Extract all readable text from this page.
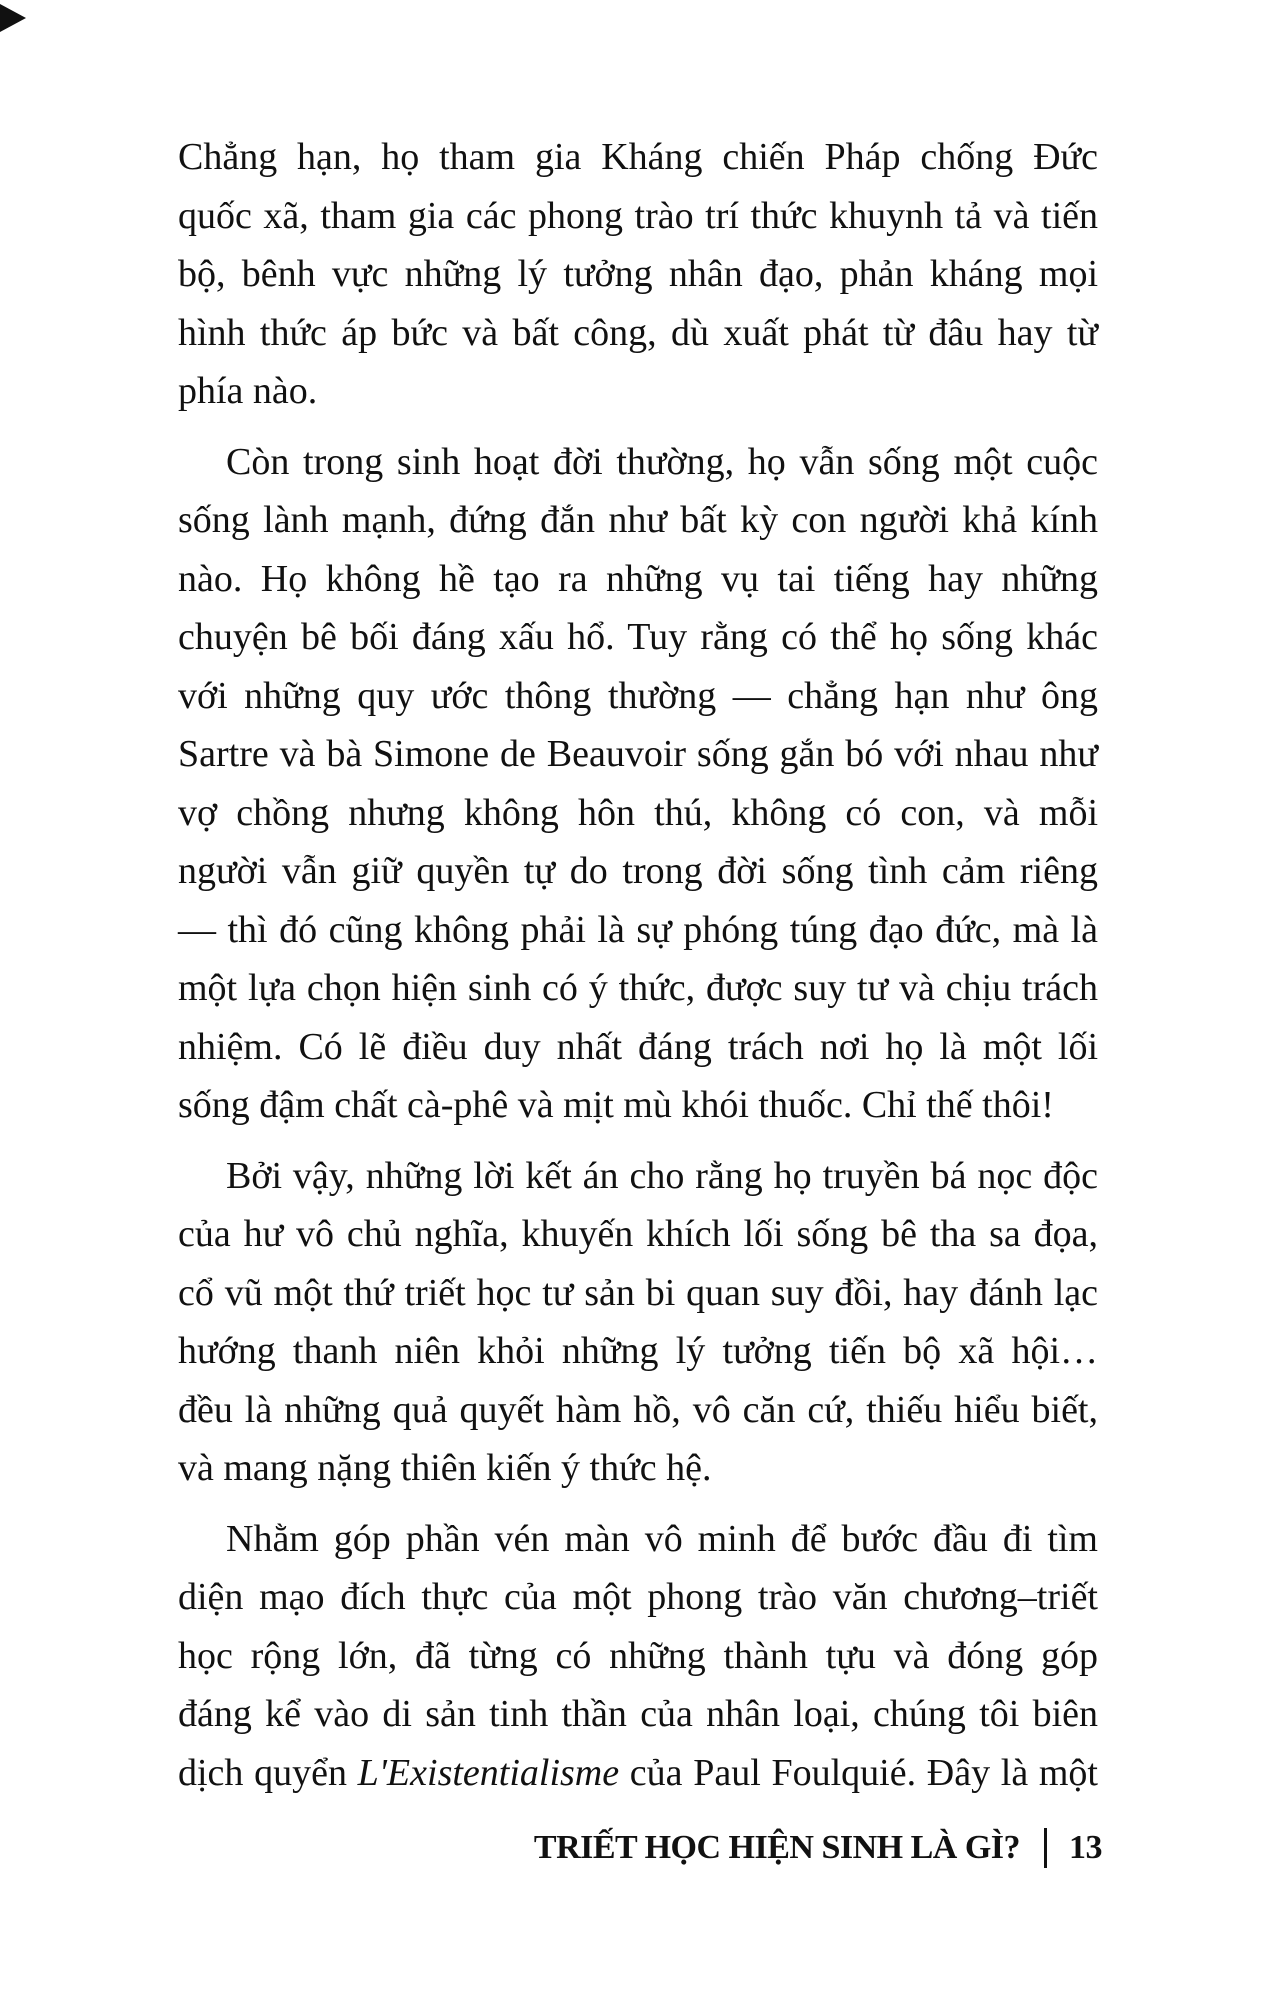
Chẳng hạn, họ tham gia Kháng chiến Pháp chống Đức
quốc xã, tham gia các phong trào trí thức khuynh tả và tiến
bộ, bênh vực những lý tưởng nhân đạo, phản kháng mọi
hình thức áp bức và bất công, dù xuất phát từ đâu hay từ
phía nào.

Còn trong sinh hoạt đời thường, họ vẫn sống một cuộc
sống lành mạnh, đứng đắn như bất kỳ con người khả kính
nào. Họ không hề tạo ra những vụ tai tiếng hay những
chuyện bê bối đáng xấu hổ. Tuy rằng có thể họ sống khác
với những quy ước thông thường — chẳng hạn như ông
Sartre và bà Simone de Beauvoir sống gắn bó với nhau như
vợ chồng nhưng không hôn thú, không có con, và mỗi
người vẫn giữ quyền tự do trong đời sống tình cảm riêng
— thì đó cũng không phải là sự phóng túng đạo đức, mà là
một lựa chọn hiện sinh có ý thức, được suy tư và chịu trách
nhiệm. Có lẽ điều duy nhất đáng trách nơi họ là một lối
sống đậm chất cà-phê và mịt mù khói thuốc. Chỉ thế thôi!

Bởi vậy, những lời kết án cho rằng họ truyền bá nọc độc
của hư vô chủ nghĩa, khuyến khích lối sống bê tha sa đọa,
cổ vũ một thứ triết học tư sản bi quan suy đồi, hay đánh lạc
hướng thanh niên khỏi những lý tưởng tiến bộ xã hội…
đều là những quả quyết hàm hồ, vô căn cứ, thiếu hiểu biết,
và mang nặng thiên kiến ý thức hệ.

Nhằm góp phần vén màn vô minh để bước đầu đi tìm
diện mạo đích thực của một phong trào văn chương–triết
học rộng lớn, đã từng có những thành tựu và đóng góp
đáng kể vào di sản tinh thần của nhân loại, chúng tôi biên
dịch quyển L'Existentialisme của Paul Foulquié. Đây là một

TRIẾT HỌC HIỆN SINH LÀ GÌ? 13
